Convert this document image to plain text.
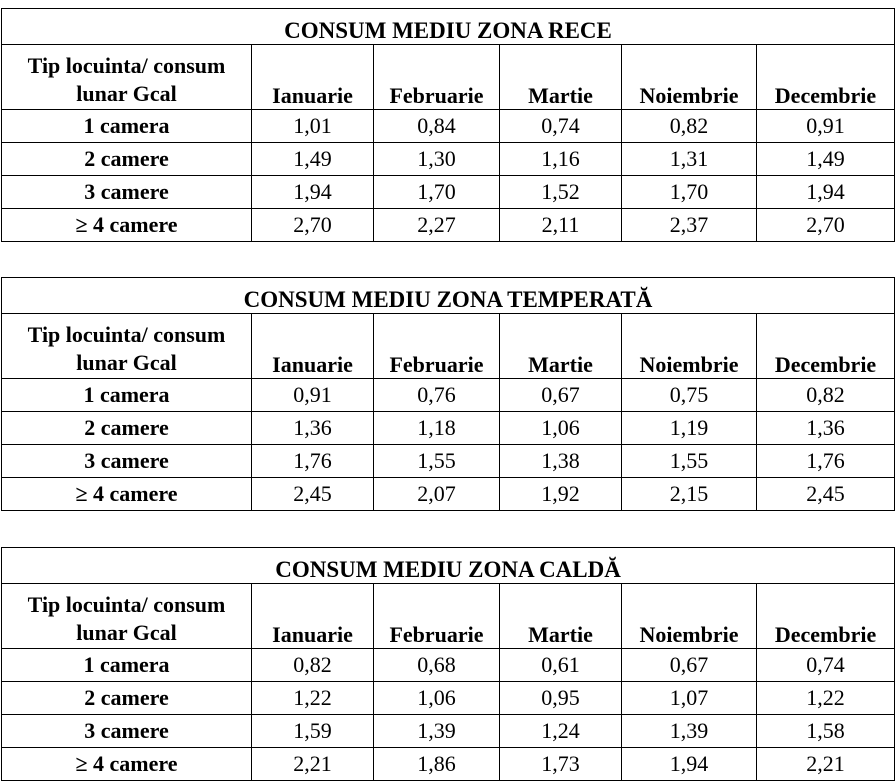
CONSUM MEDIU ZONA RECE					
Tip locuinta/ consum
lunar Gcal	Ianuarie	Februarie	Martie	Noiembrie	Decembrie
1 camera	1,01	0,84	0,74	0,82	0,91
2 camere	1,49	1,30	1,16	1,31	1,49
3 camere	1,94	1,70	1,52	1,70	1,94
≥ 4 camere	2,70	2,27	2,11	2,37	2,70
CONSUM MEDIU ZONA TEMPERATĂ					
Tip locuinta/ consum
lunar Gcal	Ianuarie	Februarie	Martie	Noiembrie	Decembrie
1 camera	0,91	0,76	0,67	0,75	0,82
2 camere	1,36	1,18	1,06	1,19	1,36
3 camere	1,76	1,55	1,38	1,55	1,76
≥ 4 camere	2,45	2,07	1,92	2,15	2,45
CONSUM MEDIU ZONA CALDĂ					
Tip locuinta/ consum
lunar Gcal	Ianuarie	Februarie	Martie	Noiembrie	Decembrie
1 camera	0,82	0,68	0,61	0,67	0,74
2 camere	1,22	1,06	0,95	1,07	1,22
3 camere	1,59	1,39	1,24	1,39	1,58
≥ 4 camere	2,21	1,86	1,73	1,94	2,21
